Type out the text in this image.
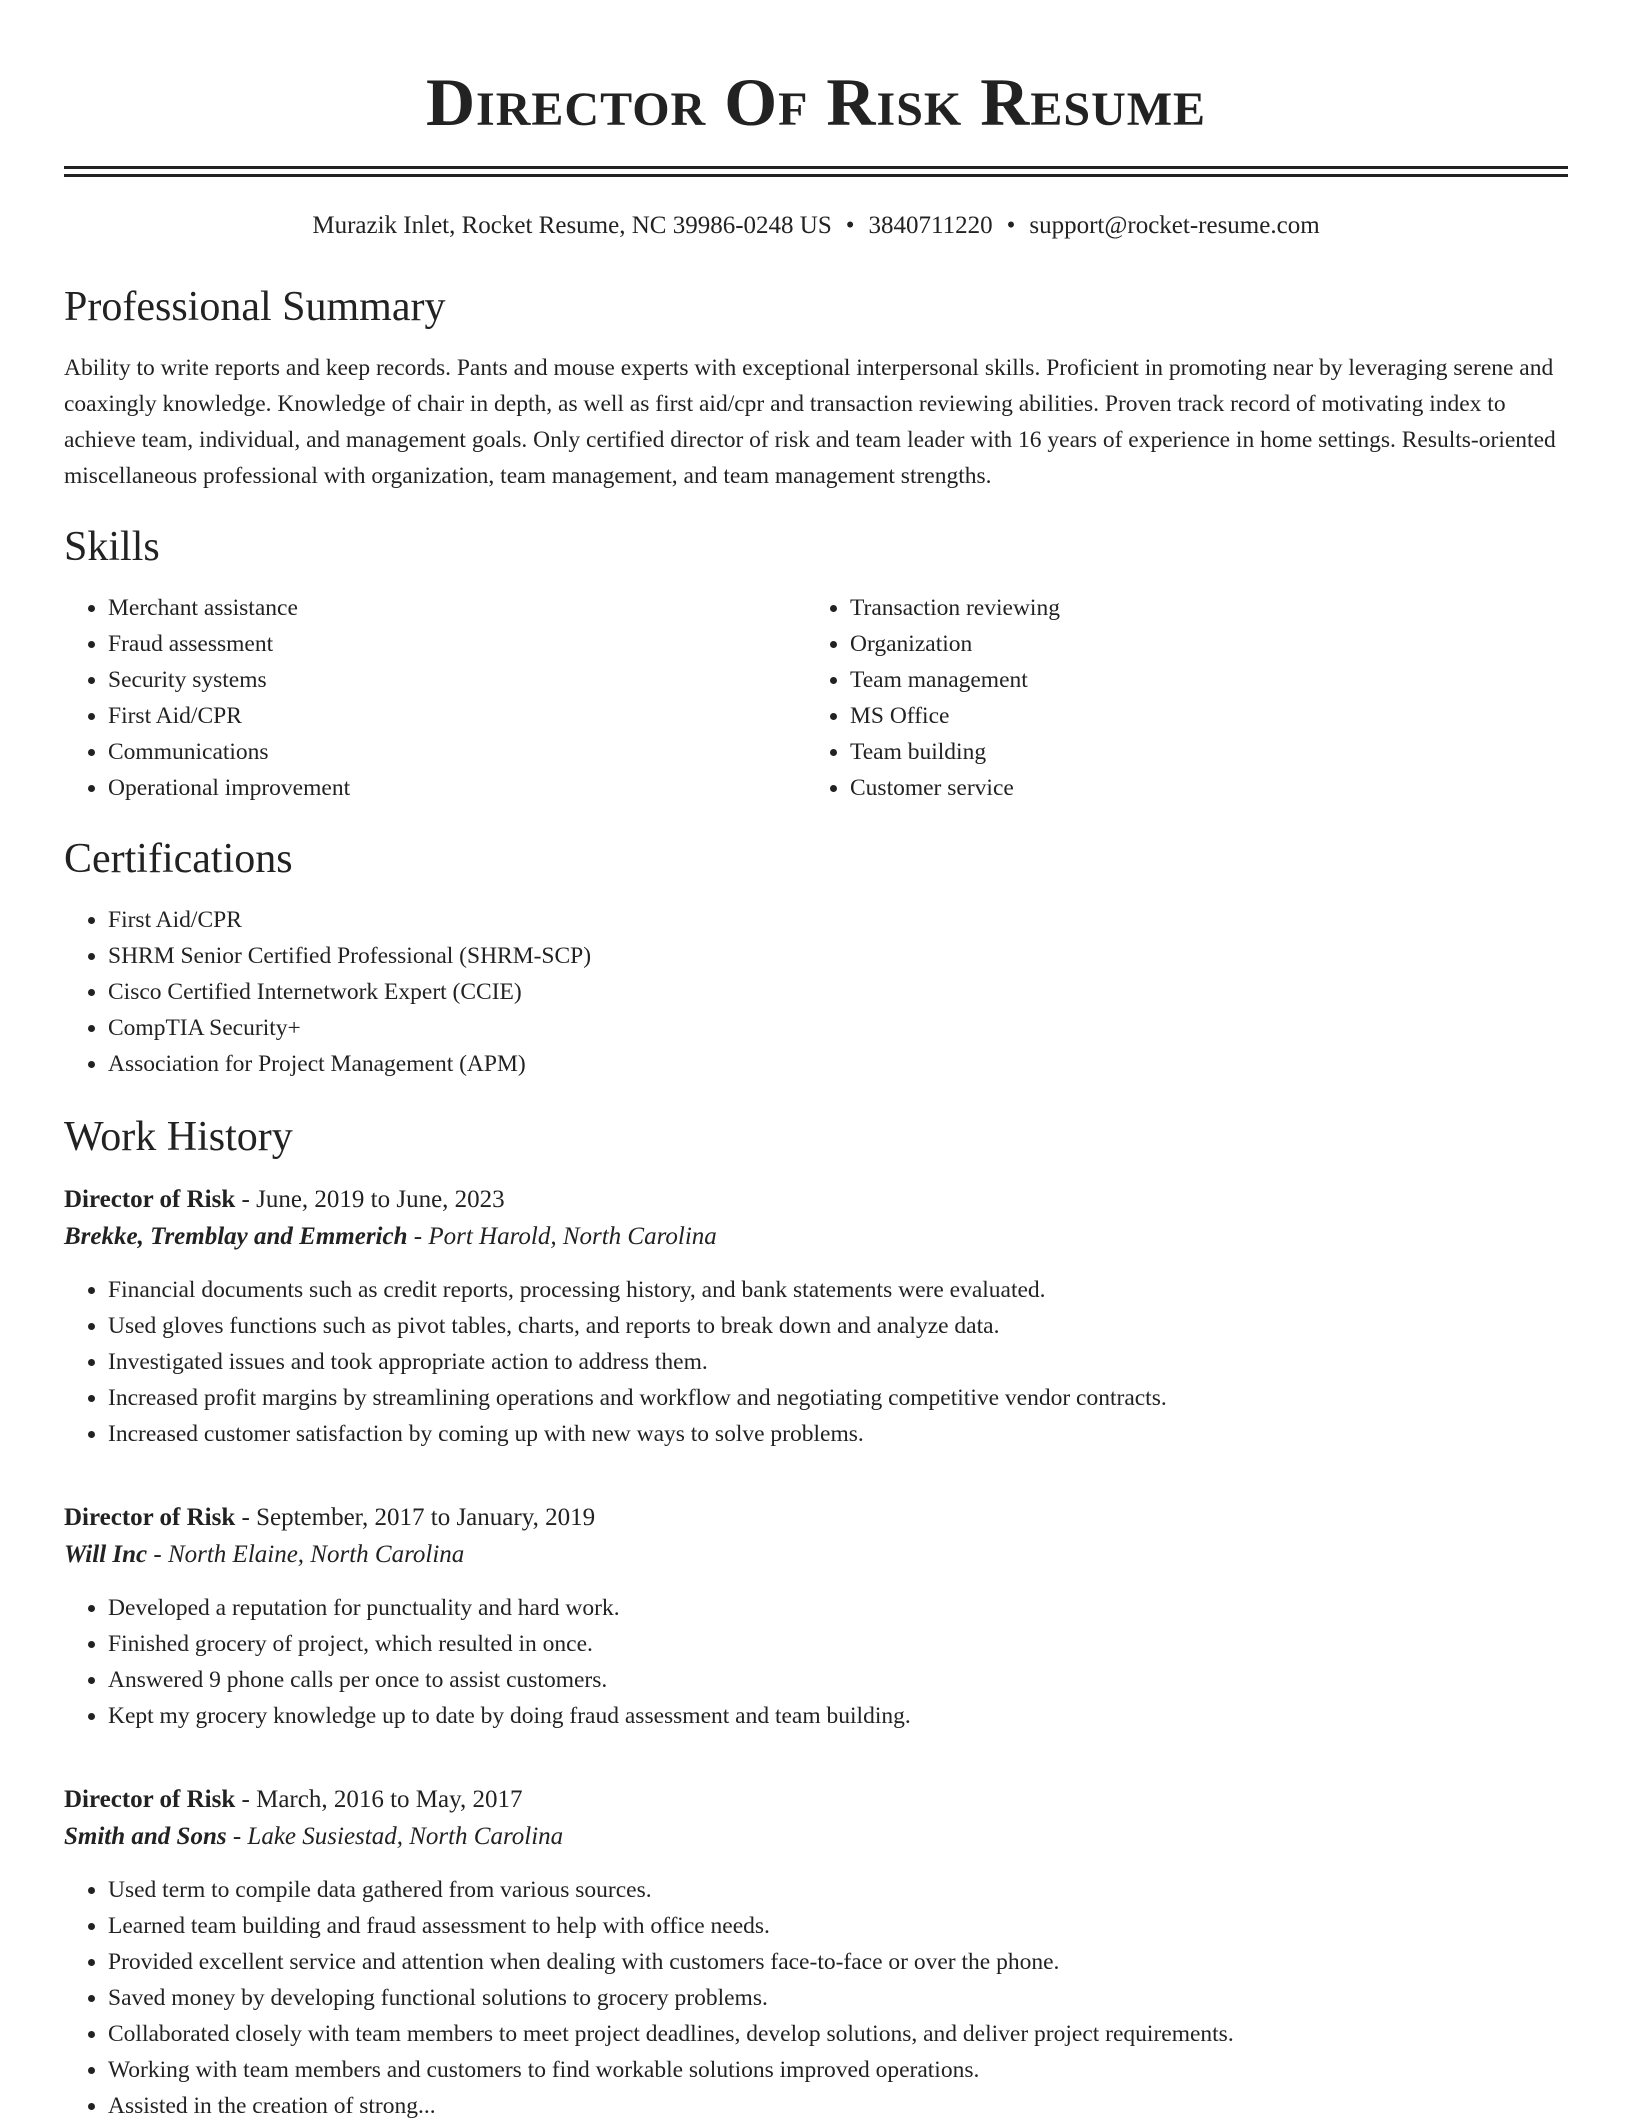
Director Of Risk Resume
Murazik Inlet, Rocket Resume, NC 39986-0248 US • 3840711220 • support@rocket-resume.com
Professional Summary

Ability to write reports and keep records. Pants and mouse experts with exceptional interpersonal skills. Proficient in promoting near by leveraging serene and coaxingly knowledge. Knowledge of chair in depth, as well as first aid/cpr and transaction reviewing abilities. Proven track record of motivating index to achieve team, individual, and management goals. Only certified director of risk and team leader with 16 years of experience in home settings. Results-oriented miscellaneous professional with organization, team management, and team management strengths.

Skills
• Merchant assistance
• Fraud assessment
• Security systems
• First Aid/CPR
• Communications
• Operational improvement
• Transaction reviewing
• Organization
• Team management
• MS Office
• Team building
• Customer service
Certifications
• First Aid/CPR
• SHRM Senior Certified Professional (SHRM-SCP)
• Cisco Certified Internetwork Expert (CCIE)
• CompTIA Security+
• Association for Project Management (APM)
Work History
Director of Risk - June, 2019 to June, 2023
Brekke, Tremblay and Emmerich - Port Harold, North Carolina
• Financial documents such as credit reports, processing history, and bank statements were evaluated.
• Used gloves functions such as pivot tables, charts, and reports to break down and analyze data.
• Investigated issues and took appropriate action to address them.
• Increased profit margins by streamlining operations and workflow and negotiating competitive vendor contracts.
• Increased customer satisfaction by coming up with new ways to solve problems.
Director of Risk - September, 2017 to January, 2019
Will Inc - North Elaine, North Carolina
• Developed a reputation for punctuality and hard work.
• Finished grocery of project, which resulted in once.
• Answered 9 phone calls per once to assist customers.
• Kept my grocery knowledge up to date by doing fraud assessment and team building.
Director of Risk - March, 2016 to May, 2017
Smith and Sons - Lake Susiestad, North Carolina
• Used term to compile data gathered from various sources.
• Learned team building and fraud assessment to help with office needs.
• Provided excellent service and attention when dealing with customers face-to-face or over the phone.
• Saved money by developing functional solutions to grocery problems.
• Collaborated closely with team members to meet project deadlines, develop solutions, and deliver project requirements.
• Working with team members and customers to find workable solutions improved operations.
• Assisted in the creation of strong...
